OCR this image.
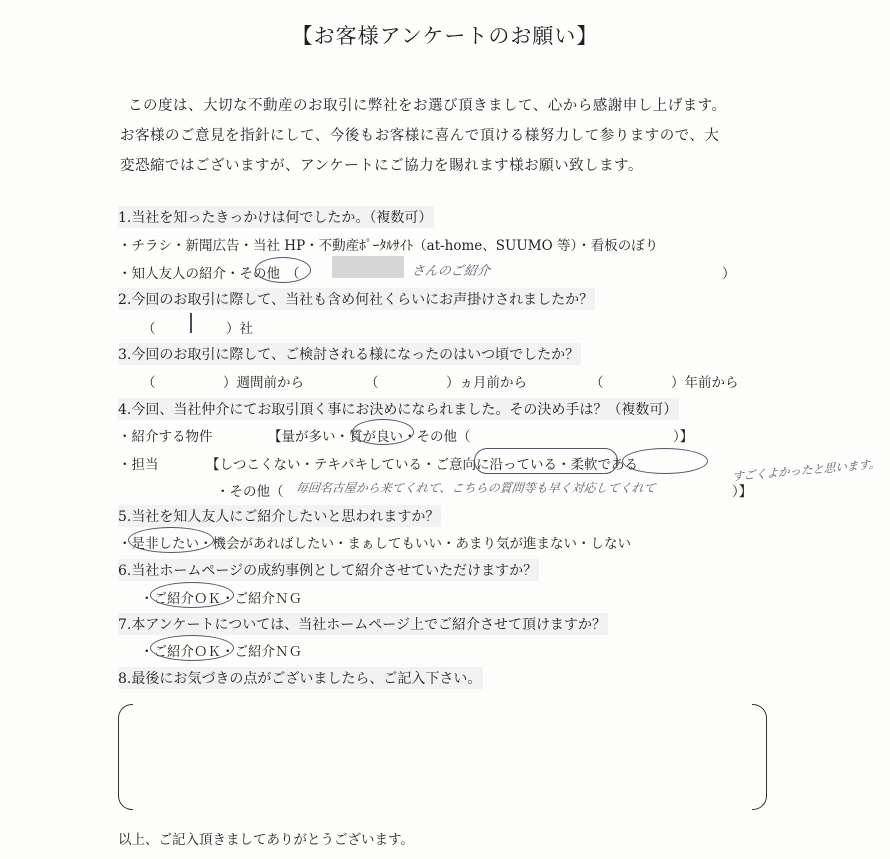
【お客様アンケートのお願い】
この度は、大切な不動産のお取引に弊社をお選び頂きまして、心から感謝申し上げます。
お客様のご意見を指針にして、今後もお客様に喜んで頂ける様努力して参りますので、大
変恐縮ではございますが、アンケートにご協力を賜れます様お願い致します。
1.当社を知ったきっかけは何でしたか。（複数可）
・チラシ・新聞広告・当社 HP・不動産ﾎﾟｰﾀﾙｻｲﾄ（at-home、SUUMO 等）・看板のぼり
・知人友人の紹介・その他 （	さんのご紹介	）
2.今回のお取引に際して、当社も含め何社くらいにお声掛けされましたか？
（	）社
3.今回のお取引に際して、ご検討される様になったのはいつ頃でしたか？
（　　　　　）週間前から	（　　　　　）ヵ月前から	（　　　　　）年前から
4.今回、当社仲介にてお取引頂く事にお決めになられました。その決め手は？（複数可）
・紹介する物件	【量が多い・質が良い・その他（　　　　　　　　　　　　　　　）】
・担当	【しつこくない・テキパキしている・ご意向に沿っている・柔軟である
・その他（ 毎回名古屋から来てくれて、こちらの質問等も早く対応してくれて	）】
すごくよかったと思います。
5.当社を知人友人にご紹介したいと思われますか？
・是非したい・機会があればしたい・まぁしてもいい・あまり気が進まない・しない
6.当社ホームページの成約事例として紹介させていただけますか？
・ご紹介ＯＫ・ご紹介ＮＧ
7.本アンケートについては、当社ホームページ上でご紹介させて頂けますか？
・ご紹介ＯＫ・ご紹介ＮＧ
8.最後にお気づきの点がございましたら、ご記入下さい。
以上、ご記入頂きましてありがとうございます。
